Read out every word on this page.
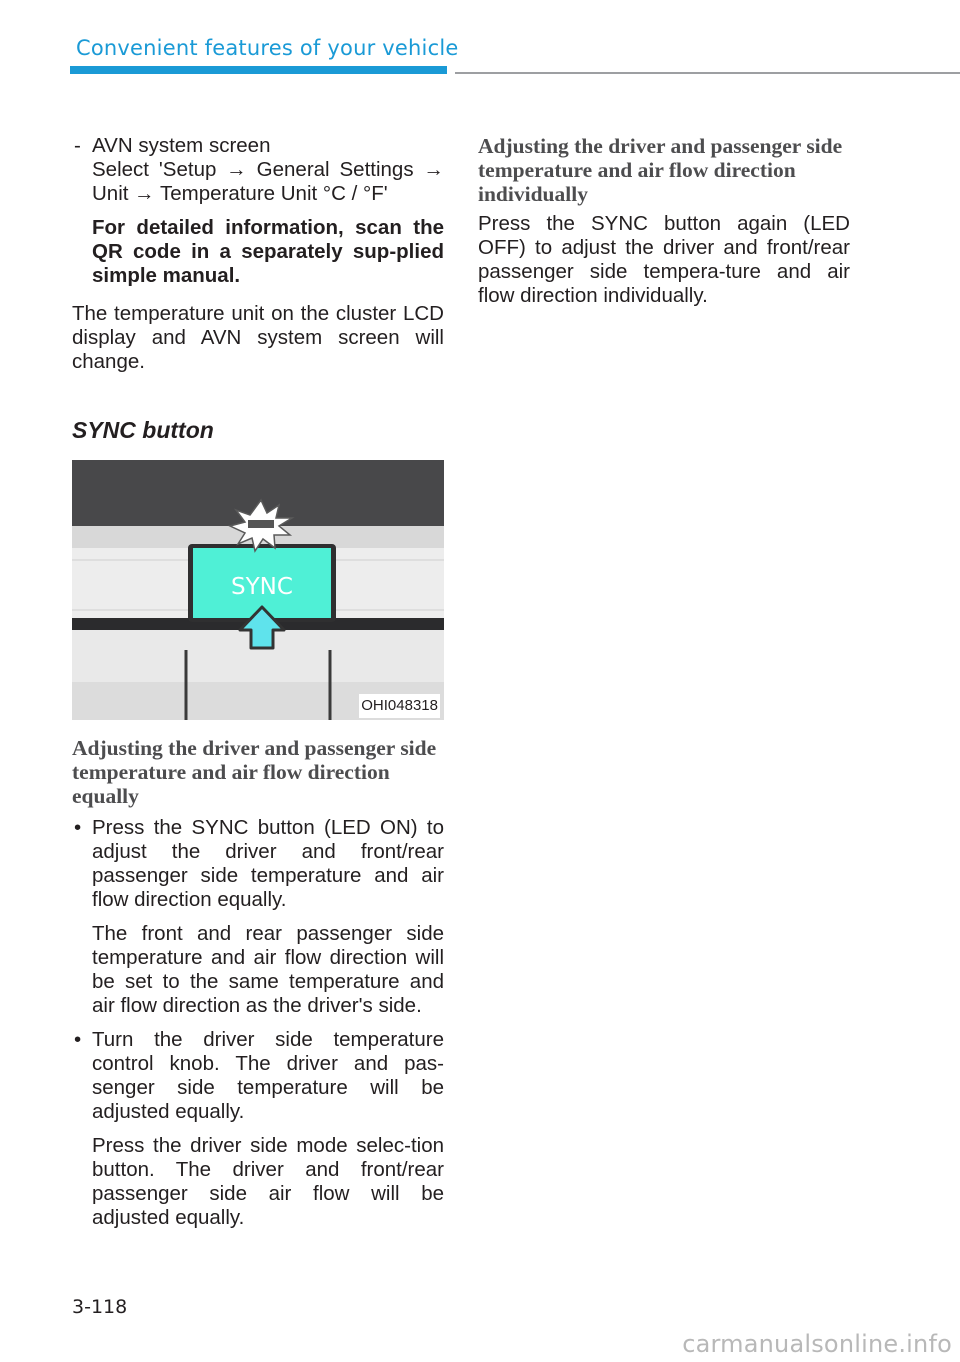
Convenient features of your vehicle

- AVN system screen

Select 'Setup → General Settings → Unit → Temperature Unit °C / °F'

For detailed information, scan the QR code in a separately sup-plied simple manual.

The temperature unit on the cluster LCD display and AVN system screen will change.

SYNC button
SYNC
OHI048318
Adjusting the driver and passenger side temperature and air flow direction equally
• Press the SYNC button (LED ON) to adjust the driver and front/rear passenger side temperature and air flow direction equally.

The front and rear passenger side temperature and air flow direction will be set to the same temperature and air flow direction as the driver's side.

• Turn the driver side temperature control knob. The driver and pas-senger side temperature will be adjusted equally.

Press the driver side mode selec-tion button. The driver and front/rear passenger side air flow will be adjusted equally.

Adjusting the driver and passenger side temperature and air flow direction individually

Press the SYNC button again (LED OFF) to adjust the driver and front/rear passenger side tempera-ture and air flow direction individually.

3-118
carmanualsonline.info
